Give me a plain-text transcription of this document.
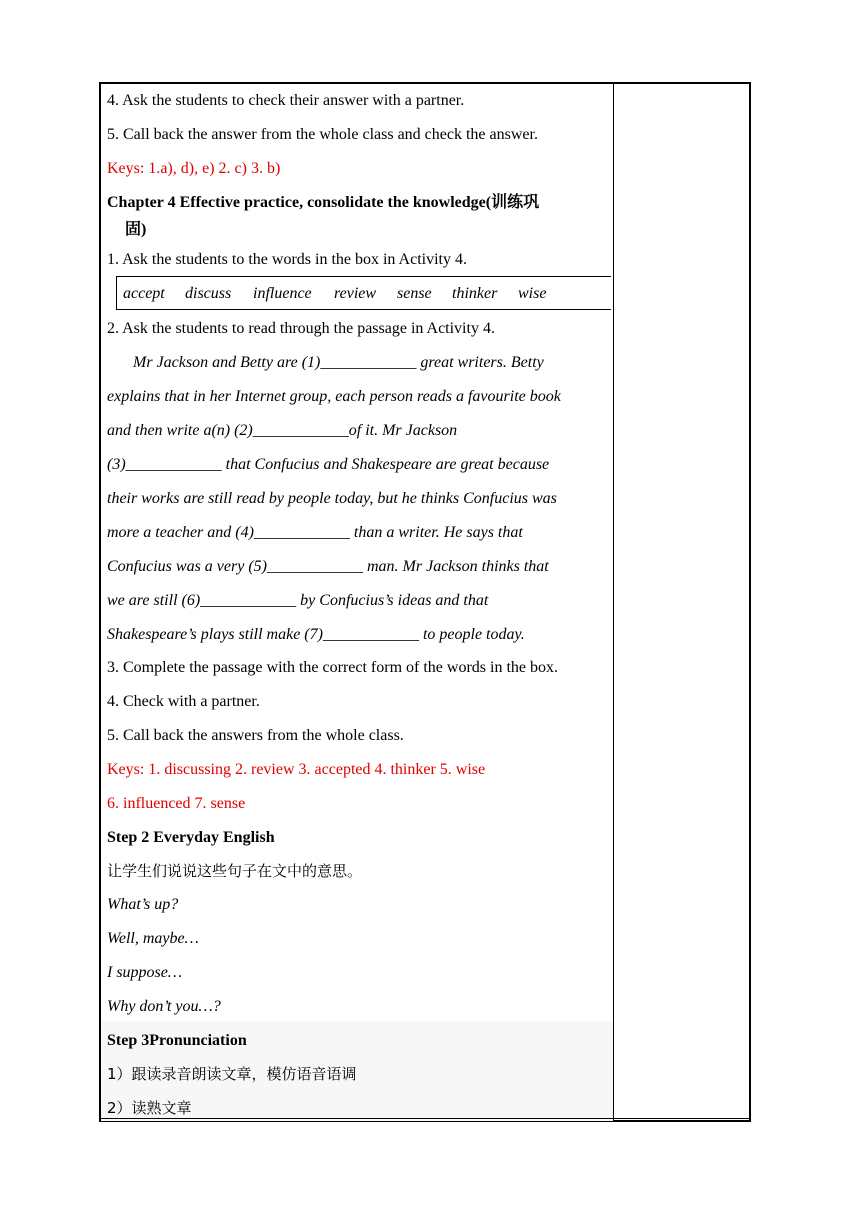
4. Ask the students to check their answer with a partner.
5. Call back the answer from the whole class and check the answer.
Keys: 1.a), d), e) 2. c) 3. b)
Chapter 4 Effective practice, consolidate the knowledge(训练巩
固)
1. Ask the students to the words in the box in Activity 4.
accept discuss influence review sense thinker wise
2. Ask the students to read through the passage in Activity 4.
Mr Jackson and Betty are (1)____________ great writers. Betty
explains that in her Internet group, each person reads a favourite book
and then write a(n) (2)____________of it. Mr Jackson
(3)____________ that Confucius and Shakespeare are great because
their works are still read by people today, but he thinks Confucius was
more a teacher and (4)____________ than a writer. He says that
Confucius was a very (5)____________ man. Mr Jackson thinks that
we are still (6)____________ by Confucius’s ideas and that
Shakespeare’s plays still make (7)____________ to people today.
3. Complete the passage with the correct form of the words in the box.
4. Check with a partner.
5. Call back the answers from the whole class.
Keys: 1. discussing 2. review 3. accepted 4. thinker 5. wise
6. influenced 7. sense
Step 2 Everyday English
让学生们说说这些句子在文中的意思。
What’s up?
Well, maybe…
I suppose…
Why don’t you…?
Step 3Pronunciation
1）跟读录音朗读文章，模仿语音语调
2）读熟文章
